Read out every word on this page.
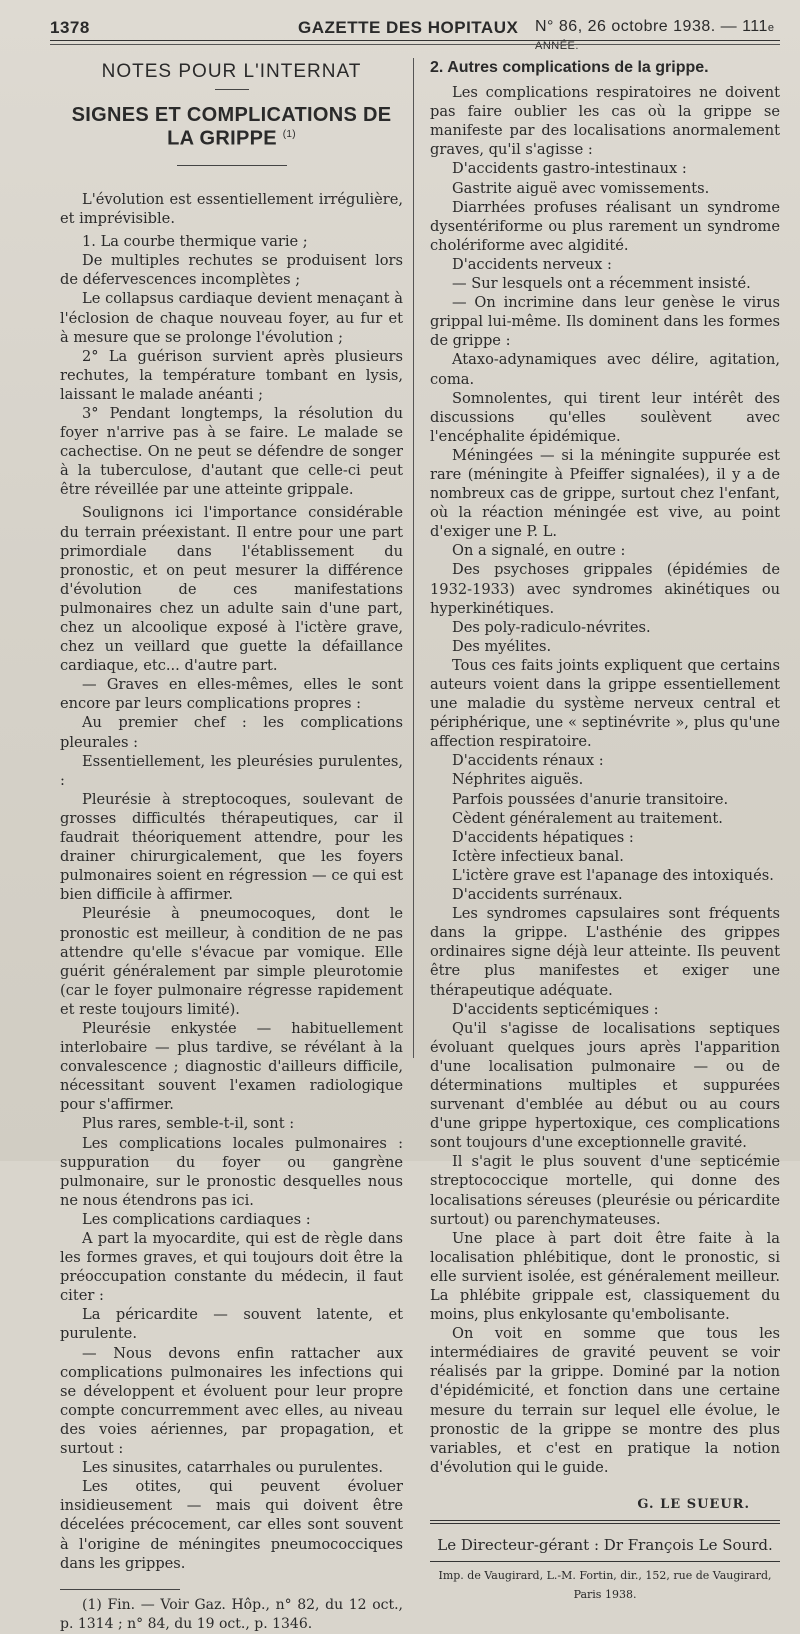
1378	GAZETTE DES HOPITAUX N° 86, 26 octobre 1938. — 111e ANNÉE.

NOTES POUR L'INTERNAT

SIGNES ET COMPLICATIONS DE LA GRIPPE $^{(1)}$

L'évolution est essentiellement irrégulière, et imprévisible.

1. La courbe thermique varie ;

De multiples rechutes se produisent lors de défervescences incomplètes ;

Le collapsus cardiaque devient menaçant à l'éclosion de chaque nouveau foyer, au fur et à mesure que se prolonge l'évolution ;

2° La guérison survient après plusieurs rechutes, la température tombant en lysis, laissant le malade anéanti ;

3° Pendant longtemps, la résolution du foyer n'arrive pas à se faire. Le malade se cachectise. On ne peut se défendre de songer à la tuberculose, d'autant que celle-ci peut être réveillée par une atteinte grippale.

Soulignons ici l'importance considérable du terrain préexistant. Il entre pour une part primordiale dans l'établissement du pronostic, et on peut mesurer la différence d'évolution de ces manifestations pulmonaires chez un adulte sain d'une part, chez un alcoolique exposé à l'ictère grave, chez un veillard que guette la défaillance cardiaque, etc... d'autre part.

— Graves en elles-mêmes, elles le sont encore par leurs complications propres :

Au premier chef : les complications pleurales :

Essentiellement, les pleurésies purulentes, :

Pleurésie à streptocoques, soulevant de grosses difficultés thérapeutiques, car il faudrait théoriquement attendre, pour les drainer chirurgicalement, que les foyers pulmonaires soient en régression — ce qui est bien difficile à affirmer.

Pleurésie à pneumocoques, dont le pronostic est meilleur, à condition de ne pas attendre qu'elle s'évacue par vomique. Elle guérit généralement par simple pleurotomie (car le foyer pulmonaire régresse rapidement et reste toujours limité).

Pleurésie enkystée — habituellement interlobaire — plus tardive, se révélant à la convalescence ; diagnostic d'ailleurs difficile, nécessitant souvent l'examen radiologique pour s'affirmer.

Plus rares, semble-t-il, sont :

Les complications locales pulmonaires : suppuration du foyer ou gangrène pulmonaire, sur le pronostic desquelles nous ne nous étendrons pas ici.

Les complications cardiaques :

A part la myocardite, qui est de règle dans les formes graves, et qui toujours doit être la préoccupation constante du médecin, il faut citer :

La péricardite — souvent latente, et purulente.

— Nous devons enfin rattacher aux complications pulmonaires les infections qui se développent et évoluent pour leur propre compte concurremment avec elles, au niveau des voies aériennes, par propagation, et surtout :

Les sinusites, catarrhales ou purulentes.

Les otites, qui peuvent évoluer insidieusement — mais qui doivent être décelées précocement, car elles sont souvent à l'origine de méningites pneumococciques dans les grippes.

(1) Fin. — Voir Gaz. Hôp., n° 82, du 12 oct., p. 1314 ; n° 84, du 19 oct., p. 1346.

2. Autres complications de la grippe.

Les complications respiratoires ne doivent pas faire oublier les cas où la grippe se manifeste par des localisations anormalement graves, qu'il s'agisse :

D'accidents gastro-intestinaux :

Gastrite aiguë avec vomissements.

Diarrhées profuses réalisant un syndrome dysentériforme ou plus rarement un syndrome cholériforme avec algidité.

D'accidents nerveux :

— Sur lesquels ont a récemment insisté.

— On incrimine dans leur genèse le virus grippal lui-même. Ils dominent dans les formes de grippe :

Ataxo-adynamiques avec délire, agitation, coma.

Somnolentes, qui tirent leur intérêt des discussions qu'elles soulèvent avec l'encéphalite épidémique.

Méningées — si la méningite suppurée est rare (méningite à Pfeiffer signalées), il y a de nombreux cas de grippe, surtout chez l'enfant, où la réaction méningée est vive, au point d'exiger une P. L.

On a signalé, en outre :

Des psychoses grippales (épidémies de 1932-1933) avec syndromes akinétiques ou hyperkinétiques.

Des poly-radiculo-névrites.

Des myélites.

Tous ces faits joints expliquent que certains auteurs voient dans la grippe essentiellement une maladie du système nerveux central et périphérique, une « septinévrite », plus qu'une affection respiratoire.

D'accidents rénaux :

Néphrites aiguës.

Parfois poussées d'anurie transitoire.

Cèdent généralement au traitement.

D'accidents hépatiques :

Ictère infectieux banal.

L'ictère grave est l'apanage des intoxiqués.

D'accidents surrénaux.

Les syndromes capsulaires sont fréquents dans la grippe. L'asthénie des grippes ordinaires signe déjà leur atteinte. Ils peuvent être plus manifestes et exiger une thérapeutique adéquate.

D'accidents septicémiques :

Qu'il s'agisse de localisations septiques évoluant quelques jours après l'apparition d'une localisation pulmonaire — ou de déterminations multiples et suppurées survenant d'emblée au début ou au cours d'une grippe hypertoxique, ces complications sont toujours d'une exceptionnelle gravité.

Il s'agit le plus souvent d'une septicémie streptococcique mortelle, qui donne des localisations séreuses (pleurésie ou péricardite surtout) ou parenchymateuses.

Une place à part doit être faite à la localisation phlébitique, dont le pronostic, si elle survient isolée, est généralement meilleur. La phlébite grippale est, classiquement du moins, plus enkylosante qu'embolisante.

On voit en somme que tous les intermédiaires de gravité peuvent se voir réalisés par la grippe. Dominé par la notion d'épidémicité, et fonction dans une certaine mesure du terrain sur lequel elle évolue, le pronostic de la grippe se montre des plus variables, et c'est en pratique la notion d'évolution qui le guide.

G. LE SUEUR.

Le Directeur-gérant : Dr François Le Sourd.

Imp. de Vaugirard, L.-M. Fortin, dir., 152, rue de Vaugirard, Paris 1938.
